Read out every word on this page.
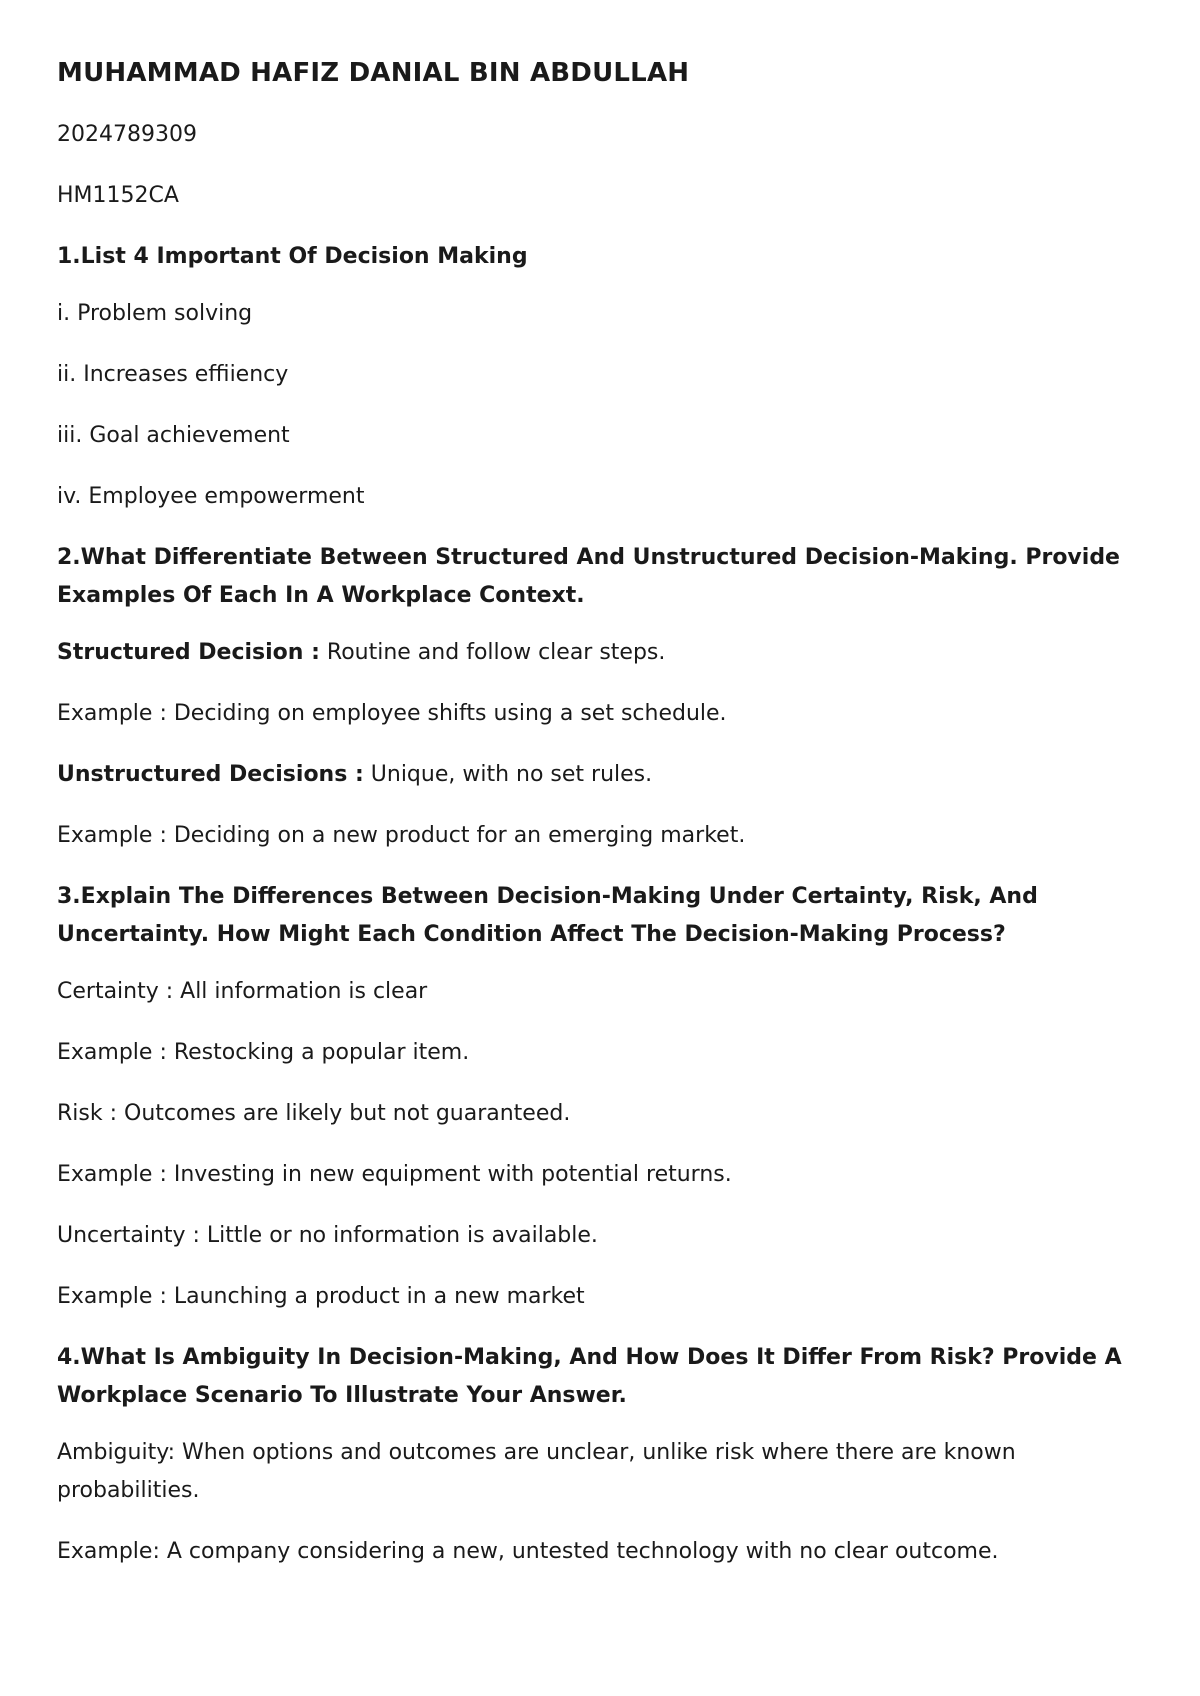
MUHAMMAD HAFIZ DANIAL BIN ABDULLAH

2024789309

HM1152CA

1.List 4 Important Of Decision Making

i. Problem solving

ii. Increases effiiency

iii. Goal achievement

iv. Employee empowerment

2.What Differentiate Between Structured And Unstructured Decision-Making. Provide Examples Of Each In A Workplace Context.

Structured Decision : Routine and follow clear steps.

Example : Deciding on employee shifts using a set schedule.

Unstructured Decisions : Unique, with no set rules.

Example : Deciding on a new product for an emerging market.

3.Explain The Differences Between Decision-Making Under Certainty, Risk, And Uncertainty. How Might Each Condition Affect The Decision-Making Process?

Certainty : All information is clear

Example : Restocking a popular item.

Risk : Outcomes are likely but not guaranteed.

Example : Investing in new equipment with potential returns.

Uncertainty : Little or no information is available.

Example : Launching a product in a new market

4.What Is Ambiguity In Decision-Making, And How Does It Differ From Risk? Provide A Workplace Scenario To Illustrate Your Answer.

Ambiguity: When options and outcomes are unclear, unlike risk where there are known probabilities.

Example: A company considering a new, untested technology with no clear outcome.
